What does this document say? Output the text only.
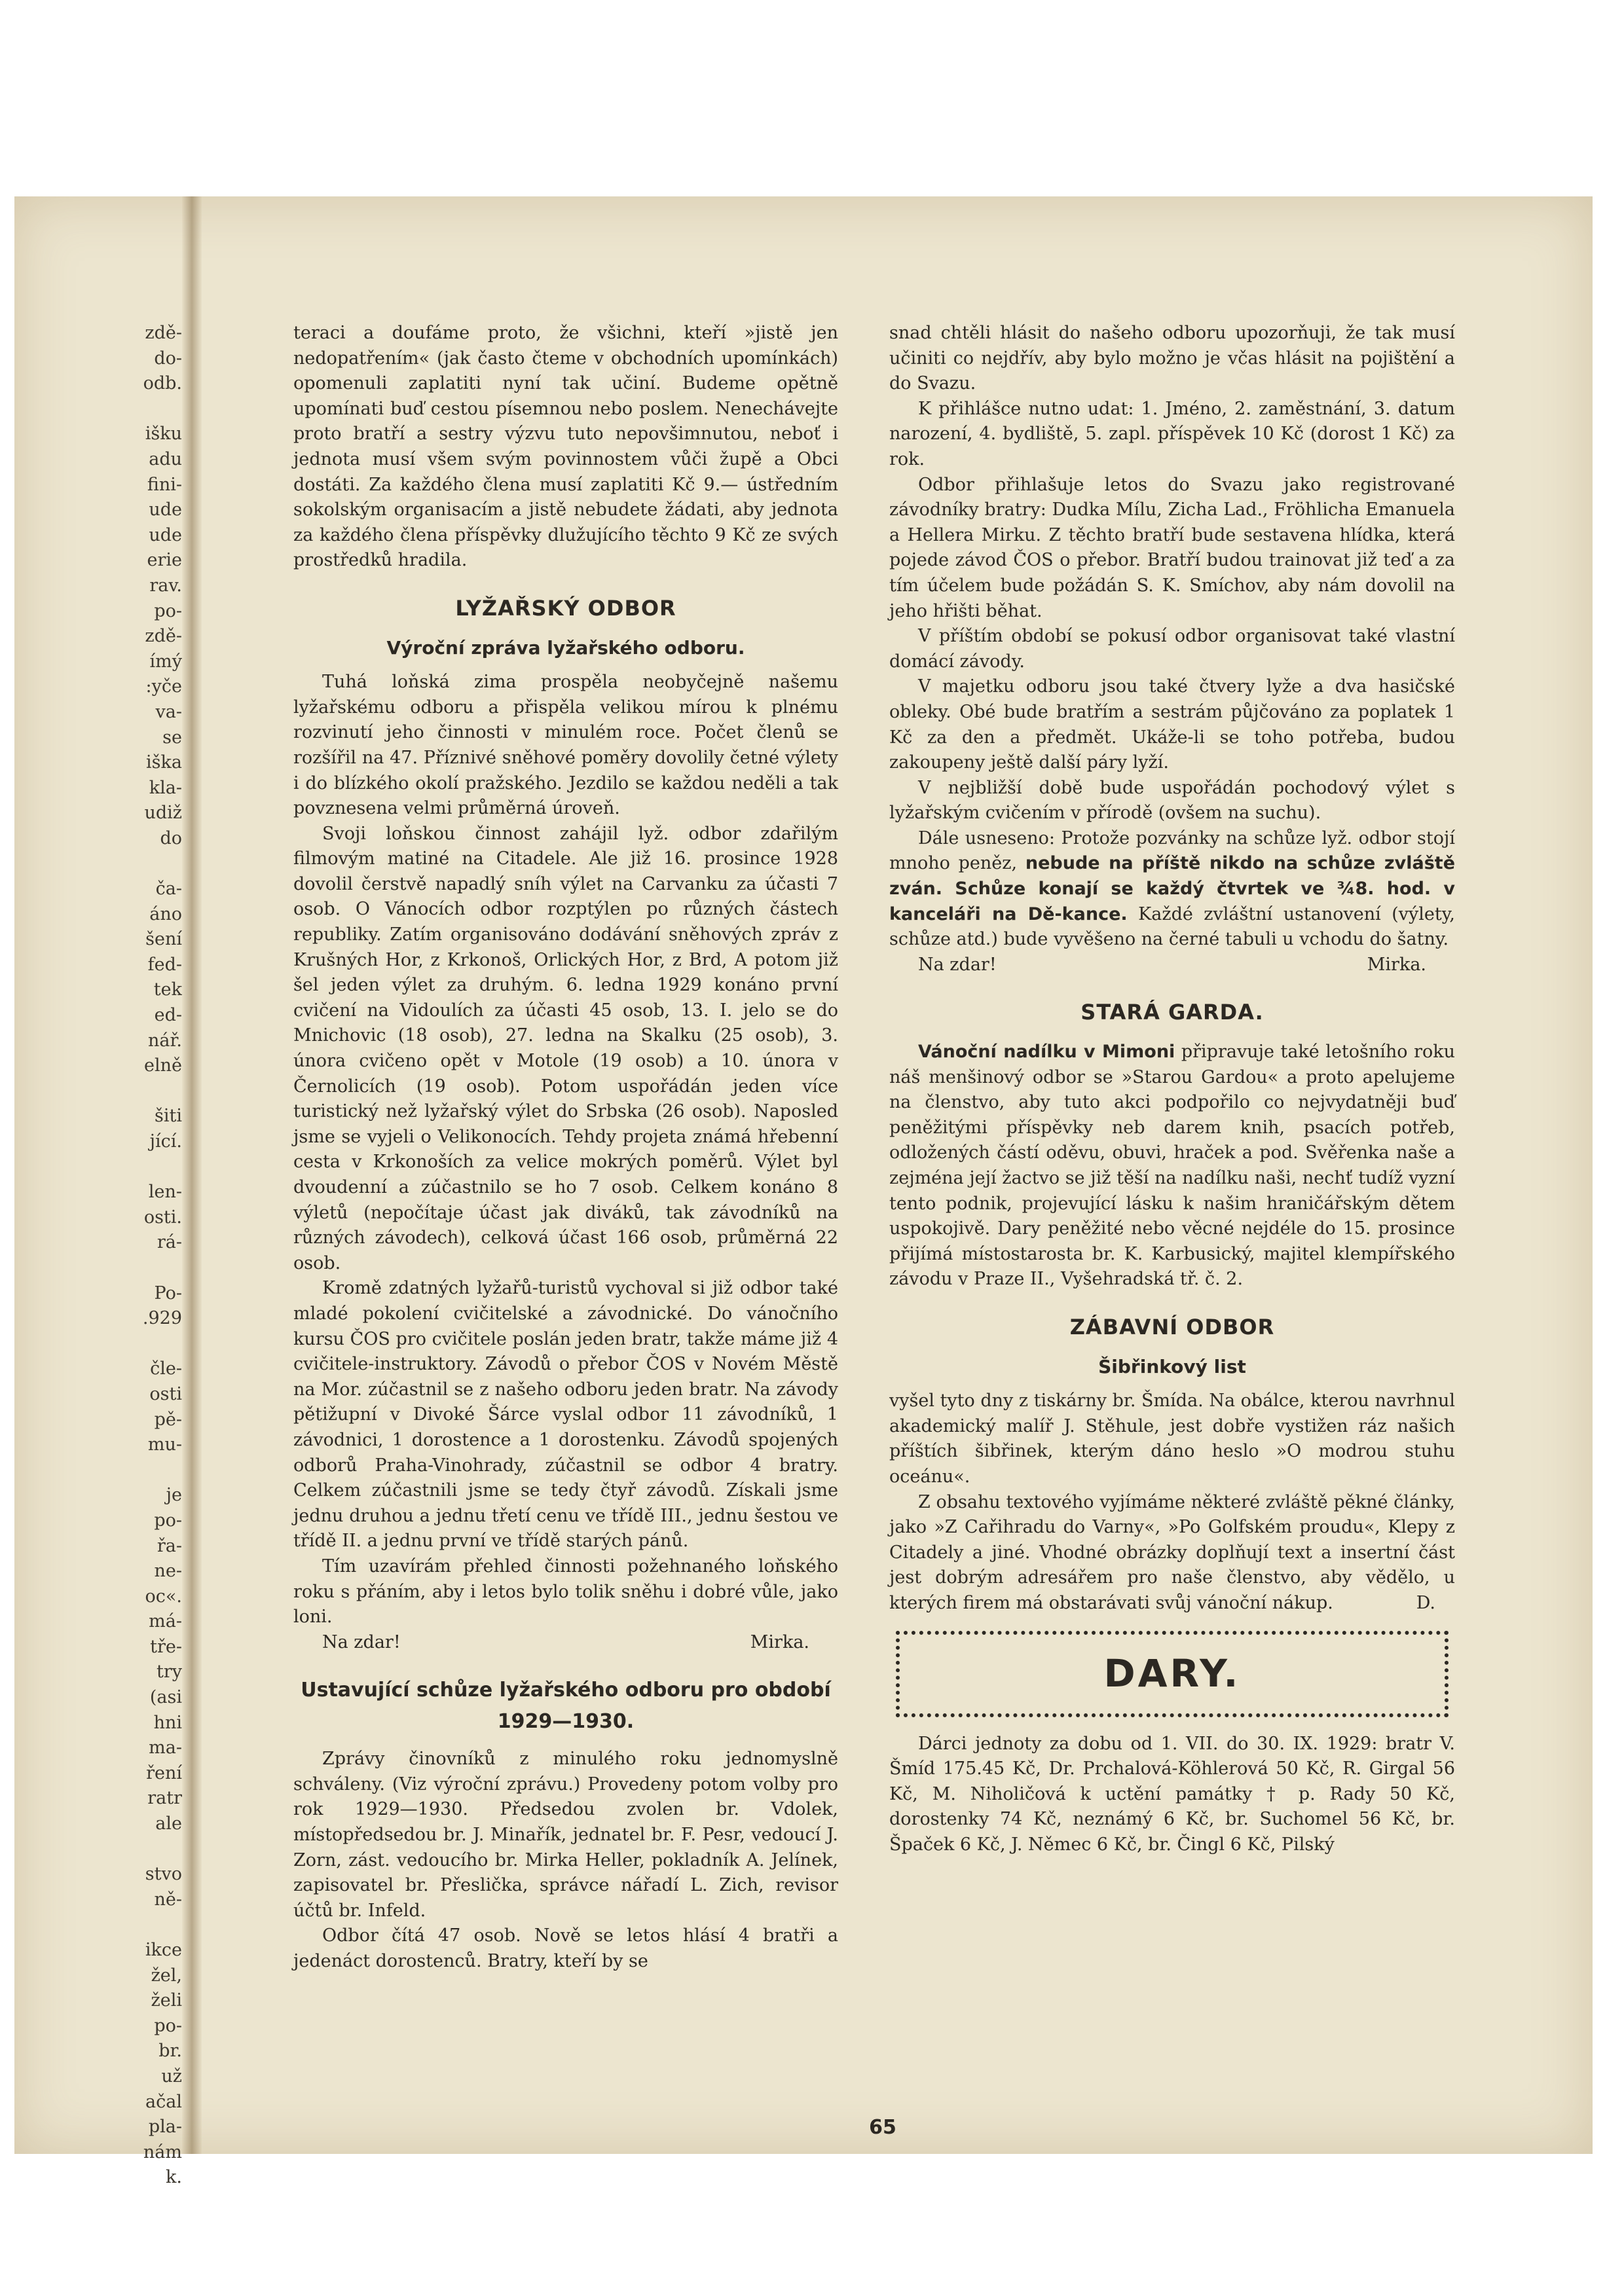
zdě-
do-
odb.
išku
adu
fini-
ude
ude
erie
rav.
po-
zdě-
ímý
:yče
va-
se
iška
kla-
udiž
do
ča-
áno
šení
fed-
tek
ed-
nář.
elně
šiti
jící.
len-
osti.
rá-
Po-
.929
čle-
osti
pě-
mu-
je
po-
řa-
ne-
oc«.
má-
tře-
try
(asi
hni
ma-
ření
ratr
ale
stvo
ně-
ikce
žel,
želi
po-
br.
už
ačal
pla-
nám
k.

teraci a doufáme proto, že všichni, kteří »jistě jen nedopatřením« (jak často čteme v obchodních upomínkách) opomenuli zaplatiti nyní tak učiní. Budeme opětně upomínati buď cestou písemnou nebo poslem. Nenechávejte proto bratří a sestry výzvu tuto nepovšimnutou, neboť i jednota musí všem svým povinnostem vůči župě a Obci dostáti. Za každého člena musí zaplatiti Kč 9.— ústředním sokolským organisacím a jistě nebudete žádati, aby jednota za každého člena příspěvky dlužujícího těchto 9 Kč ze svých prostředků hradila.

LYŽAŘSKÝ ODBOR
Výroční zpráva lyžařského odboru.

Tuhá loňská zima prospěla neobyčejně našemu lyžařskému odboru a přispěla velikou mírou k plnému rozvinutí jeho činnosti v minulém roce. Počet členů se rozšířil na 47. Příznivé sněhové poměry dovolily četné výlety i do blízkého okolí pražského. Jezdilo se každou neděli a tak povznesena velmi průměrná úroveň.

Svoji loňskou činnost zahájil lyž. odbor zdařilým filmovým matiné na Citadele. Ale již 16. prosince 1928 dovolil čerstvě napadlý sníh výlet na Carvanku za účasti 7 osob. O Vánocích odbor rozptýlen po různých částech republiky. Zatím organisováno dodávání sněhových zpráv z Krušných Hor, z Krkonoš, Orlických Hor, z Brd, A potom již šel jeden výlet za druhým. 6. ledna 1929 konáno první cvičení na Vidoulích za účasti 45 osob, 13. I. jelo se do Mnichovic (18 osob), 27. ledna na Skalku (25 osob), 3. února cvičeno opět v Motole (19 osob) a 10. února v Černolicích (19 osob). Potom uspořádán jeden více turistický než lyžařský výlet do Srbska (26 osob). Naposled jsme se vyjeli o Velikonocích. Tehdy projeta známá hřebenní cesta v Krkonoších za velice mokrých poměrů. Výlet byl dvoudenní a zúčastnilo se ho 7 osob. Celkem konáno 8 výletů (nepočítaje účast jak diváků, tak závodníků na různých závodech), celková účast 166 osob, průměrná 22 osob.

Kromě zdatných lyžařů-turistů vychoval si již odbor také mladé pokolení cvičitelské a závodnické. Do vánočního kursu ČOS pro cvičitele poslán jeden bratr, takže máme již 4 cvičitele-instruktory. Závodů o přebor ČOS v Novém Městě na Mor. zúčastnil se z našeho odboru jeden bratr. Na závody pětižupní v Divoké Šárce vyslal odbor 11 závodníků, 1 závodnici, 1 dorostence a 1 dorostenku. Závodů spojených odborů Praha-Vinohrady, zúčastnil se odbor 4 bratry. Celkem zúčastnili jsme se tedy čtyř závodů. Získali jsme jednu druhou a jednu třetí cenu ve třídě III., jednu šestou ve třídě II. a jednu první ve třídě starých pánů.

Tím uzavírám přehled činnosti požehnaného loňského roku s přáním, aby i letos bylo tolik sněhu i dobré vůle, jako loni.

Na zdar!	Mirka.
Ustavující schůze lyžařského odboru pro období 1929—1930.

Zprávy činovníků z minulého roku jednomyslně schváleny. (Viz výroční zprávu.) Provedeny potom volby pro rok 1929—1930. Předsedou zvolen br. Vdolek, místopředsedou br. J. Minařík, jednatel br. F. Pesr, vedoucí J. Zorn, zást. vedoucího br. Mirka Heller, pokladník A. Jelínek, zapisovatel br. Přeslička, správce nářadí L. Zich, revisor účtů br. Infeld.

Odbor čítá 47 osob. Nově se letos hlásí 4 bratři a jedenáct dorostenců. Bratry, kteří by se

snad chtěli hlásit do našeho odboru upozorňuji, že tak musí učiniti co nejdřív, aby bylo možno je včas hlásit na pojištění a do Svazu.

K přihlášce nutno udat: 1. Jméno, 2. zaměstnání, 3. datum narození, 4. bydliště, 5. zapl. příspěvek 10 Kč (dorost 1 Kč) za rok.

Odbor přihlašuje letos do Svazu jako registrované závodníky bratry: Dudka Mílu, Zicha Lad., Fröhlicha Emanuela a Hellera Mirku. Z těchto bratří bude sestavena hlídka, která pojede závod ČOS o přebor. Bratří budou trainovat již teď a za tím účelem bude požádán S. K. Smíchov, aby nám dovolil na jeho hřišti běhat.

V příštím období se pokusí odbor organisovat také vlastní domácí závody.

V majetku odboru jsou také čtvery lyže a dva hasičské obleky. Obé bude bratřím a sestrám půjčováno za poplatek 1 Kč za den a předmět. Ukáže-li se toho potřeba, budou zakoupeny ještě další páry lyží.

V nejbližší době bude uspořádán pochodový výlet s lyžařským cvičením v přírodě (ovšem na suchu).

Dále usneseno: Protože pozvánky na schůze lyž. odbor stojí mnoho peněz, nebude na příště nikdo na schůze zvláště zván. Schůze konají se každý čtvrtek ve ¾8. hod. v kanceláři na Dě-kance. Každé zvláštní ustanovení (výlety, schůze atd.) bude vyvěšeno na černé tabuli u vchodu do šatny.

Na zdar!	Mirka.
STARÁ GARDA.

Vánoční nadílku v Mimoni připravuje také letošního roku náš menšinový odbor se »Starou Gardou« a proto apelujeme na členstvo, aby tuto akci podpořilo co nejvydatněji buď peněžitými příspěvky neb darem knih, psacích potřeb, odložených částí oděvu, obuvi, hraček a pod. Svěřenka naše a zejména její žactvo se již těší na nadílku naši, nechť tudíž vyzní tento podnik, projevující lásku k našim hraničářským dětem uspokojivě. Dary peněžité nebo věcné nejdéle do 15. prosince přijímá místostarosta br. K. Karbusický, majitel klempířského závodu v Praze II., Vyšehradská tř. č. 2.

ZÁBAVNÍ ODBOR
Šibřinkový list

vyšel tyto dny z tiskárny br. Šmída. Na obálce, kterou navrhnul akademický malíř J. Stěhule, jest dobře vystižen ráz našich příštích šibřinek, kterým dáno heslo »O modrou stuhu oceánu«.

Z obsahu textového vyjímáme některé zvláště pěkné články, jako »Z Cařihradu do Varny«, »Po Golfském proudu«, Klepy z Citadely a jiné. Vhodné obrázky doplňují text a insertní část jest dobrým adresářem pro naše členstvo, aby vědělo, u kterých firem má obstarávati svůj vánoční nákup.	D.

DARY.

Dárci jednoty za dobu od 1. VII. do 30. IX. 1929: bratr V. Šmíd 175.45 Kč, Dr. Prchalová-Köhlerová 50 Kč, R. Girgal 56 Kč, M. Niholičová k uctění památky † p. Rady 50 Kč, dorostenky 74 Kč, neznámý 6 Kč, br. Suchomel 56 Kč, br. Špaček 6 Kč, J. Němec 6 Kč, br. Čingl 6 Kč, Pilský

65
